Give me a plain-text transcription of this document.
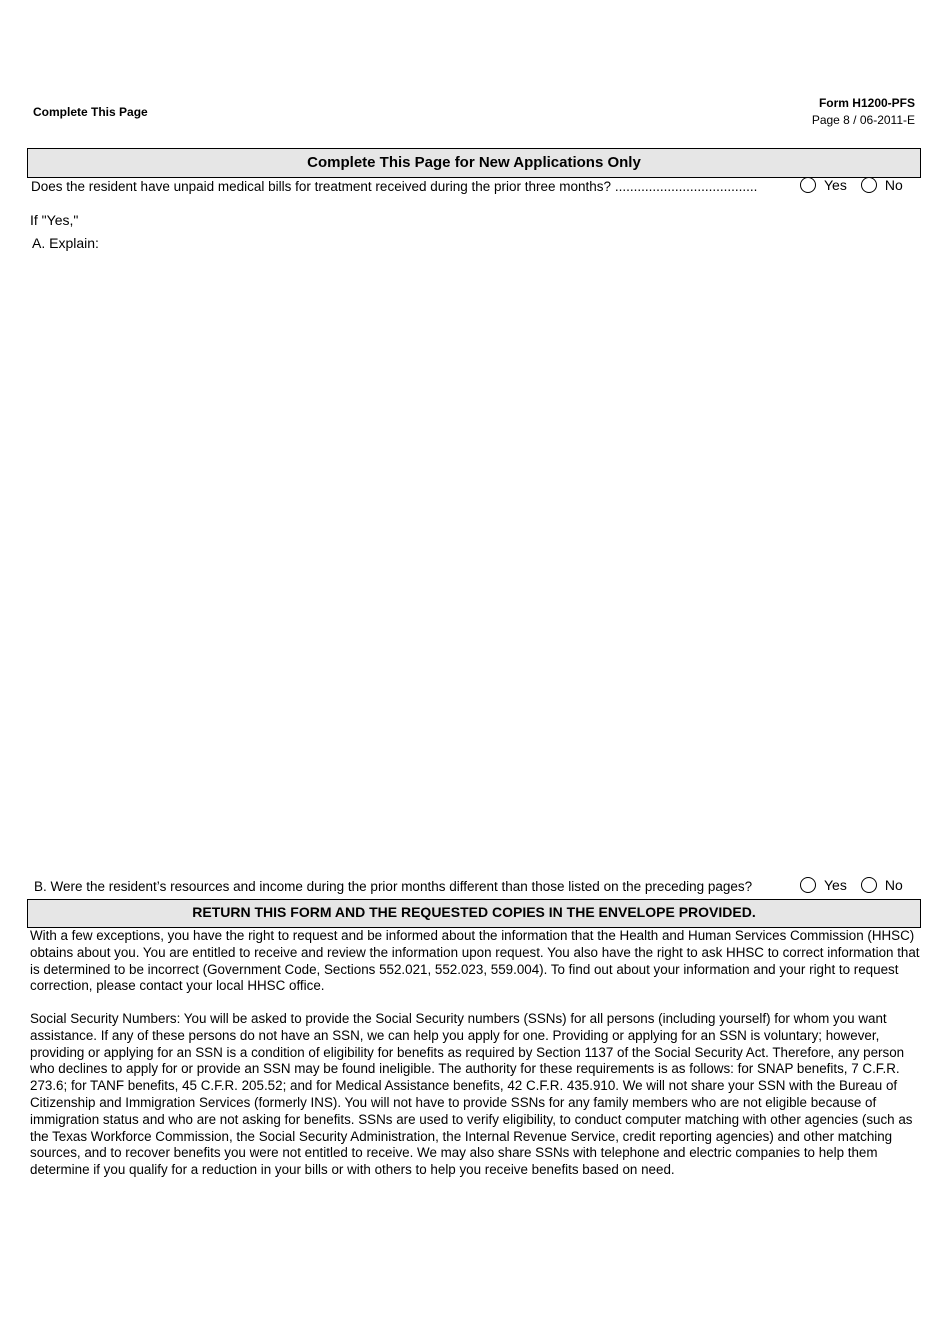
Complete This Page
Form H1200-PFS
Page 8 / 06-2011-E
Complete This Page for New Applications Only
Does the resident have unpaid medical bills for treatment received during the prior three months? ......................................	Yes	No
If "Yes,"
A. Explain:
B. Were the resident’s resources and income during the prior months different than those listed on the preceding pages?	Yes	No
RETURN THIS FORM AND THE REQUESTED COPIES IN THE ENVELOPE PROVIDED.

With a few exceptions, you have the right to request and be informed about the information that the Health and Human Services Commission (HHSC) obtains about you. You are entitled to receive and review the information upon request. You also have the right to ask HHSC to correct information that is determined to be incorrect (Government Code, Sections 552.021, 552.023, 559.004). To find out about your information and your right to request correction, please contact your local HHSC office.

Social Security Numbers: You will be asked to provide the Social Security numbers (SSNs) for all persons (including yourself) for whom you want assistance. If any of these persons do not have an SSN, we can help you apply for one. Providing or applying for an SSN is voluntary; however, providing or applying for an SSN is a condition of eligibility for benefits as required by Section 1137 of the Social Security Act. Therefore, any person who declines to apply for or provide an SSN may be found ineligible. The authority for these requirements is as follows: for SNAP benefits, 7 C.F.R. 273.6; for TANF benefits, 45 C.F.R. 205.52; and for Medical Assistance benefits, 42 C.F.R. 435.910. We will not share your SSN with the Bureau of Citizenship and Immigration Services (formerly INS). You will not have to provide SSNs for any family members who are not eligible because of immigration status and who are not asking for benefits. SSNs are used to verify eligibility, to conduct computer matching with other agencies (such as the Texas Workforce Commission, the Social Security Administration, the Internal Revenue Service, credit reporting agencies) and other matching sources, and to recover benefits you were not entitled to receive. We may also share SSNs with telephone and electric companies to help them determine if you qualify for a reduction in your bills or with others to help you receive benefits based on need.
